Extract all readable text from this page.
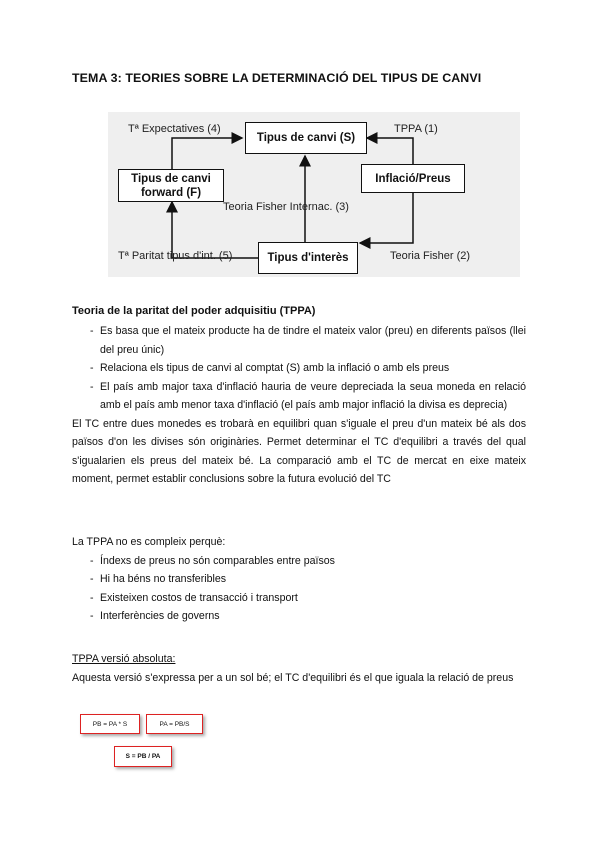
TEMA 3: TEORIES SOBRE LA DETERMINACIÓ DEL TIPUS DE CANVI
Tipus de canvi (S)
Tipus de canvi
forward (F)
Inflació/Preus
Tipus d'interès
Tª Expectatives (4)	TPPA (1)
Teoria Fisher Internac. (3)
Tª Paritat tipus d'int. (5)	Teoria Fisher (2)
Teoria de la paritat del poder adquisitiu (TPPA)
- Es basa que el mateix producte ha de tindre el mateix valor (preu) en diferents països (llei del preu únic)
- Relaciona els tipus de canvi al comptat (S) amb la inflació o amb els preus
- El país amb major taxa d'inflació hauria de veure depreciada la seua moneda en relació amb el país amb menor taxa d'inflació (el país amb major inflació la divisa es deprecia)
El TC entre dues monedes es trobarà en equilibri quan s'iguale el preu d'un mateix bé als dos països d'on les divises són originàries. Permet determinar el TC d'equilibri a través del qual s'igualarien els preus del mateix bé. La comparació amb el TC de mercat en eixe mateix moment, permet establir conclusions sobre la futura evolució del TC
La TPPA no es compleix perquè:
- Índexs de preus no són comparables entre països
- Hi ha béns no transferibles
- Existeixen costos de transacció i transport
- Interferències de governs
TPPA versió absoluta:
Aquesta versió s'expressa per a un sol bé; el TC d'equilibri és el que iguala la relació de preus
PB = PA * S	PA = PB/S
S = PB / PA
